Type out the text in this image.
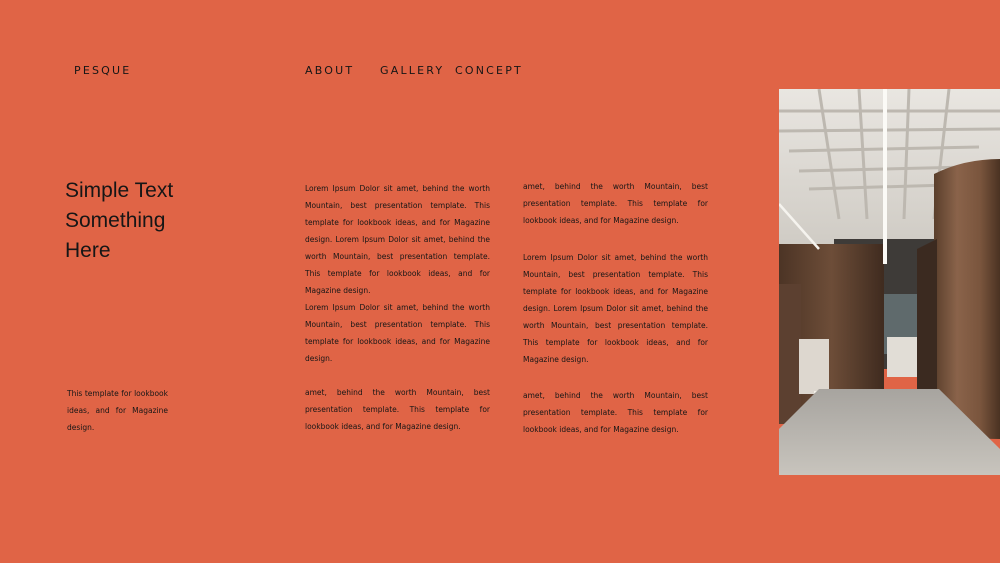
PESQUE	ABOUT GALLERY CONCEPT
Simple Text
Something
Here

This template for lookbook ideas, and for Magazine design.

Lorem Ipsum Dolor sit amet, behind the worth Mountain, best presentation template. This template for lookbook ideas, and for Magazine design. Lorem Ipsum Dolor sit amet, behind the worth Mountain, best presentation template. This template for lookbook ideas, and for Magazine design.
Lorem Ipsum Dolor sit amet, behind the worth Mountain, best presentation template. This template for lookbook ideas, and for Magazine design.

amet, behind the worth Mountain, best presentation template. This template for lookbook ideas, and for Magazine design.

amet, behind the worth Mountain, best presentation template. This template for lookbook ideas, and for Magazine design.

Lorem Ipsum Dolor sit amet, behind the worth Mountain, best presentation template. This template for lookbook ideas, and for Magazine design. Lorem Ipsum Dolor sit amet, behind the worth Mountain, best presentation template. This template for lookbook ideas, and for Magazine design.

amet, behind the worth Mountain, best presentation template. This template for lookbook ideas, and for Magazine design.
